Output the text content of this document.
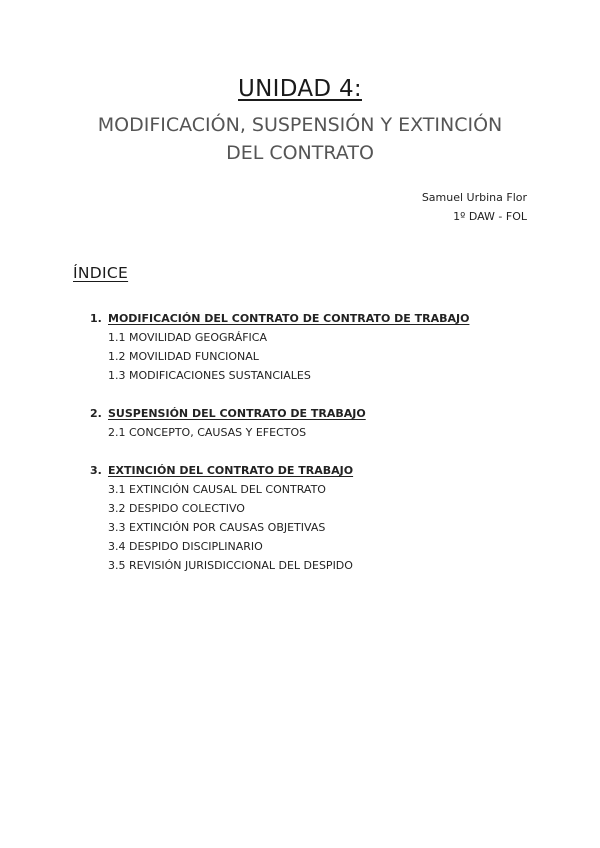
UNIDAD 4:
MODIFICACIÓN, SUSPENSIÓN Y EXTINCIÓN
DEL CONTRATO
Samuel Urbina Flor
1º DAW - FOL
ÍNDICE
1. MODIFICACIÓN DEL CONTRATO DE CONTRATO DE TRABAJO
1.1 MOVILIDAD GEOGRÁFICA
1.2 MOVILIDAD FUNCIONAL
1.3 MODIFICACIONES SUSTANCIALES
2. SUSPENSIÓN DEL CONTRATO DE TRABAJO
2.1 CONCEPTO, CAUSAS Y EFECTOS
3. EXTINCIÓN DEL CONTRATO DE TRABAJO
3.1 EXTINCIÓN CAUSAL DEL CONTRATO
3.2 DESPIDO COLECTIVO
3.3 EXTINCIÓN POR CAUSAS OBJETIVAS
3.4 DESPIDO DISCIPLINARIO
3.5 REVISIÓN JURISDICCIONAL DEL DESPIDO
